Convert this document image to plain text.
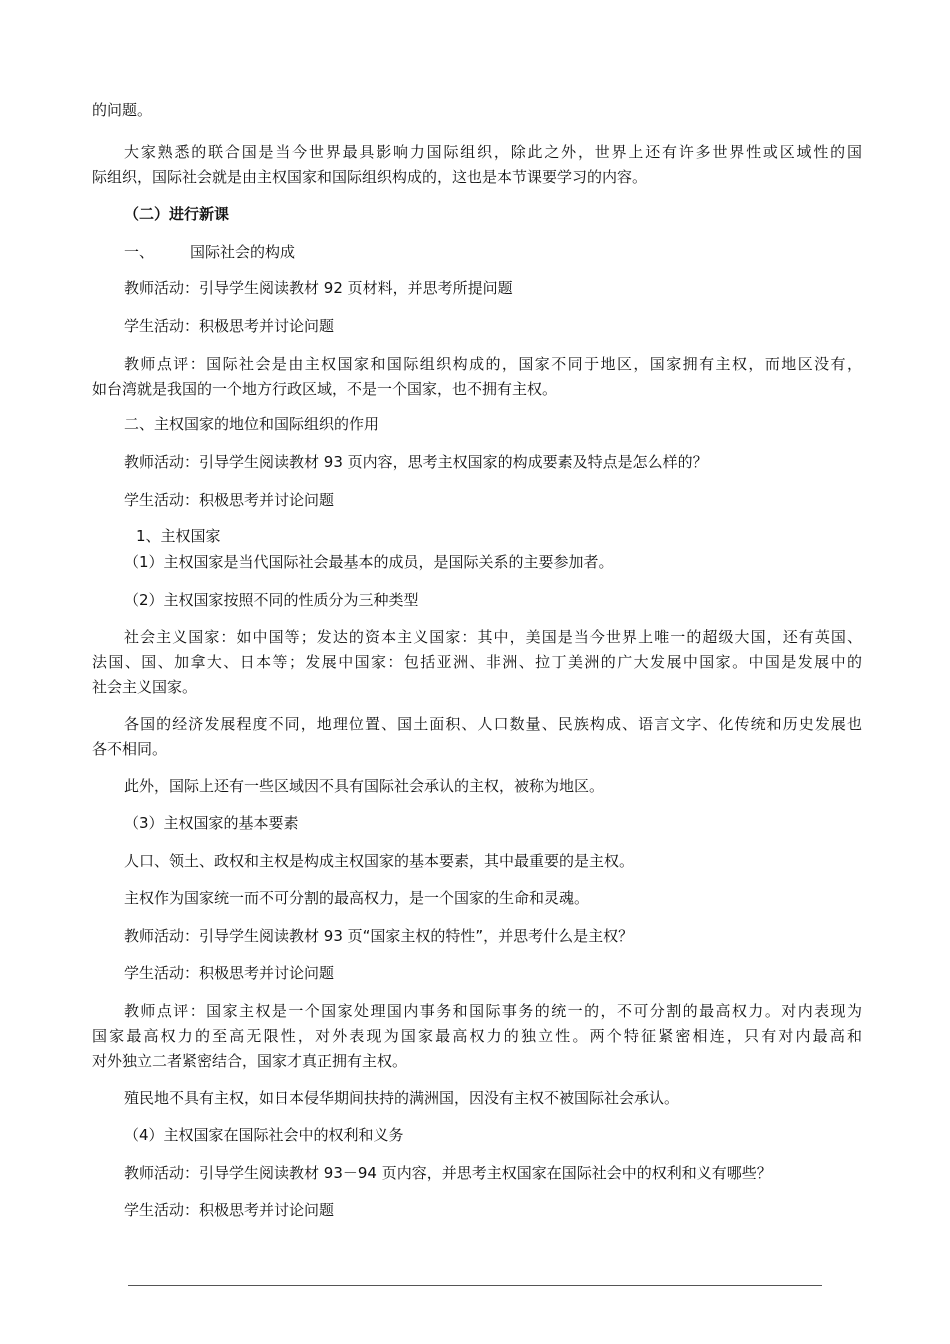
的问题。
大家熟悉的联合国是当今世界最具影响力国际组织，除此之外，世界上还有许多世界性或区域性的国
际组织，国际社会就是由主权国家和国际组织构成的，这也是本节课要学习的内容。
（二）进行新课
一、 国际社会的构成
教师活动：引导学生阅读教材 92 页材料，并思考所提问题
学生活动：积极思考并讨论问题
教师点评：国际社会是由主权国家和国际组织构成的，国家不同于地区，国家拥有主权，而地区没有，
如台湾就是我国的一个地方行政区域，不是一个国家，也不拥有主权。
二、主权国家的地位和国际组织的作用
教师活动：引导学生阅读教材 93 页内容，思考主权国家的构成要素及特点是怎么样的？
学生活动：积极思考并讨论问题
1、主权国家
（1）主权国家是当代国际社会最基本的成员，是国际关系的主要参加者。
（2）主权国家按照不同的性质分为三种类型
社会主义国家：如中国等；发达的资本主义国家：其中，美国是当今世界上唯一的超级大国，还有英国、
法国、国、加拿大、日本等；发展中国家：包括亚洲、非洲、拉丁美洲的广大发展中国家。中国是发展中的
社会主义国家。
各国的经济发展程度不同，地理位置、国土面积、人口数量、民族构成、语言文字、化传统和历史发展也
各不相同。
此外，国际上还有一些区域因不具有国际社会承认的主权，被称为地区。
（3）主权国家的基本要素
人口、领土、政权和主权是构成主权国家的基本要素，其中最重要的是主权。
主权作为国家统一而不可分割的最高权力，是一个国家的生命和灵魂。
教师活动：引导学生阅读教材 93 页“国家主权的特性”，并思考什么是主权？
学生活动：积极思考并讨论问题
教师点评：国家主权是一个国家处理国内事务和国际事务的统一的，不可分割的最高权力。对内表现为
国家最高权力的至高无限性，对外表现为国家最高权力的独立性。两个特征紧密相连，只有对内最高和
对外独立二者紧密结合，国家才真正拥有主权。
殖民地不具有主权，如日本侵华期间扶持的满洲国，因没有主权不被国际社会承认。
（4）主权国家在国际社会中的权利和义务
教师活动：引导学生阅读教材 93－94 页内容，并思考主权国家在国际社会中的权利和义有哪些？
学生活动：积极思考并讨论问题
